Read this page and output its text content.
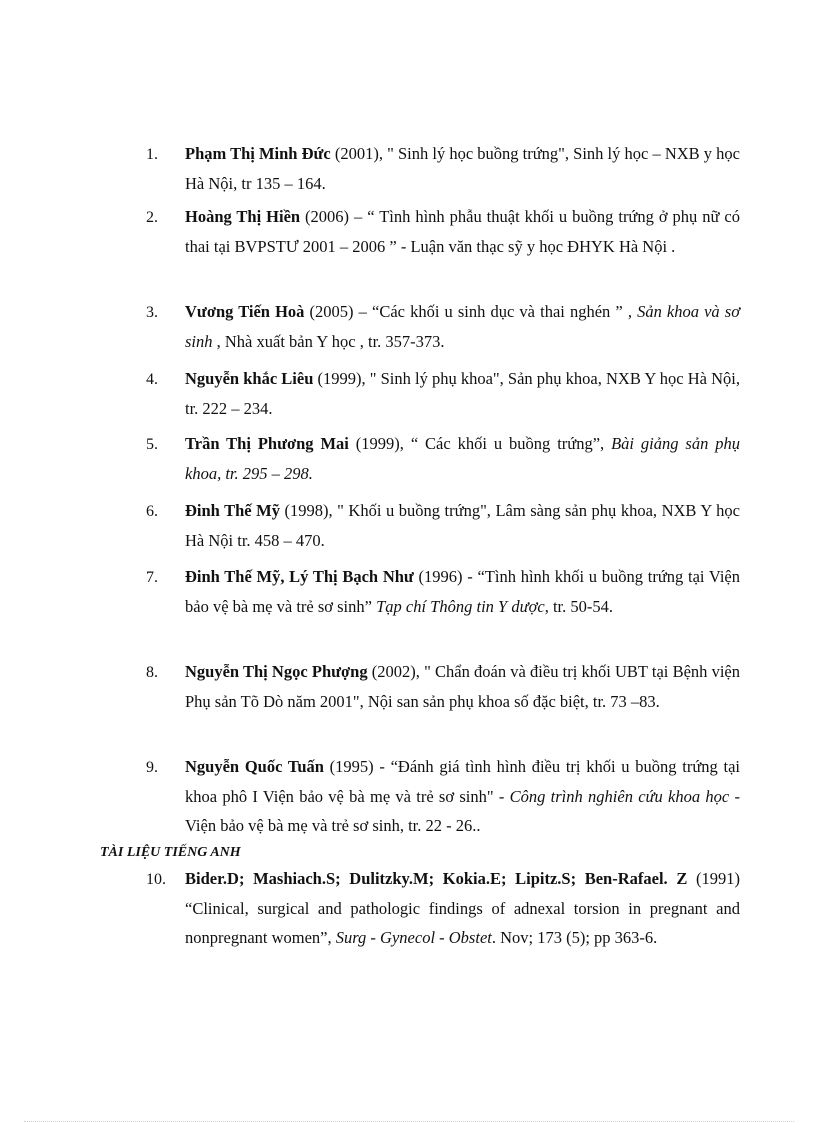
1. Phạm Thị Minh Đức (2001), " Sinh lý học buồng trứng", Sinh lý học – NXB y học Hà Nội, tr 135 – 164.
2. Hoàng Thị Hiền (2006) – “ Tình hình phẫu thuật khối u buồng trứng ở phụ nữ có thai tại BVPSTƯ 2001 – 2006 ” - Luận văn thạc sỹ y học ĐHYK Hà Nội .
3. Vương Tiến Hoà (2005) – “Các khối u sinh dục và thai nghén ” , Sản khoa và sơ sinh , Nhà xuất bản Y học , tr. 357-373.
4. Nguyễn khắc Liêu (1999), " Sinh lý phụ khoa", Sản phụ khoa, NXB Y học Hà Nội, tr. 222 – 234.
5. Trần Thị Phương Mai (1999), “ Các khối u buồng trứng”, Bài giảng sản phụ khoa, tr. 295 – 298.
6. Đinh Thế Mỹ (1998), " Khối u buồng trứng", Lâm sàng sản phụ khoa, NXB Y học Hà Nội tr. 458 – 470.
7. Đinh Thế Mỹ, Lý Thị Bạch Như (1996) - “Tình hình khối u buồng trứng tại Viện bảo vệ bà mẹ và trẻ sơ sinh” Tạp chí Thông tin Y dược, tr. 50-54.
8. Nguyễn Thị Ngọc Phượng (2002), " Chẩn đoán và điều trị khối UBT tại Bệnh viện Phụ sản Tõ Dò năm 2001", Nội san sản phụ khoa số đặc biệt, tr. 73 –83.
9. Nguyễn Quốc Tuấn (1995) - “Đánh giá tình hình điều trị khối u buồng trứng tại khoa phô I Viện bảo vệ bà mẹ và trẻ sơ sinh" - Công trình nghiên cứu khoa học - Viện bảo vệ bà mẹ và trẻ sơ sinh, tr. 22 - 26..
TÀI LIỆU TIẾNG ANH
10. Bider.D; Mashiach.S; Dulitzky.M; Kokia.E; Lipitz.S; Ben-Rafael. Z (1991) “Clinical, surgical and pathologic findings of adnexal torsion in pregnant and nonpregnant women”, Surg - Gynecol - Obstet. Nov; 173 (5); pp 363-6.
